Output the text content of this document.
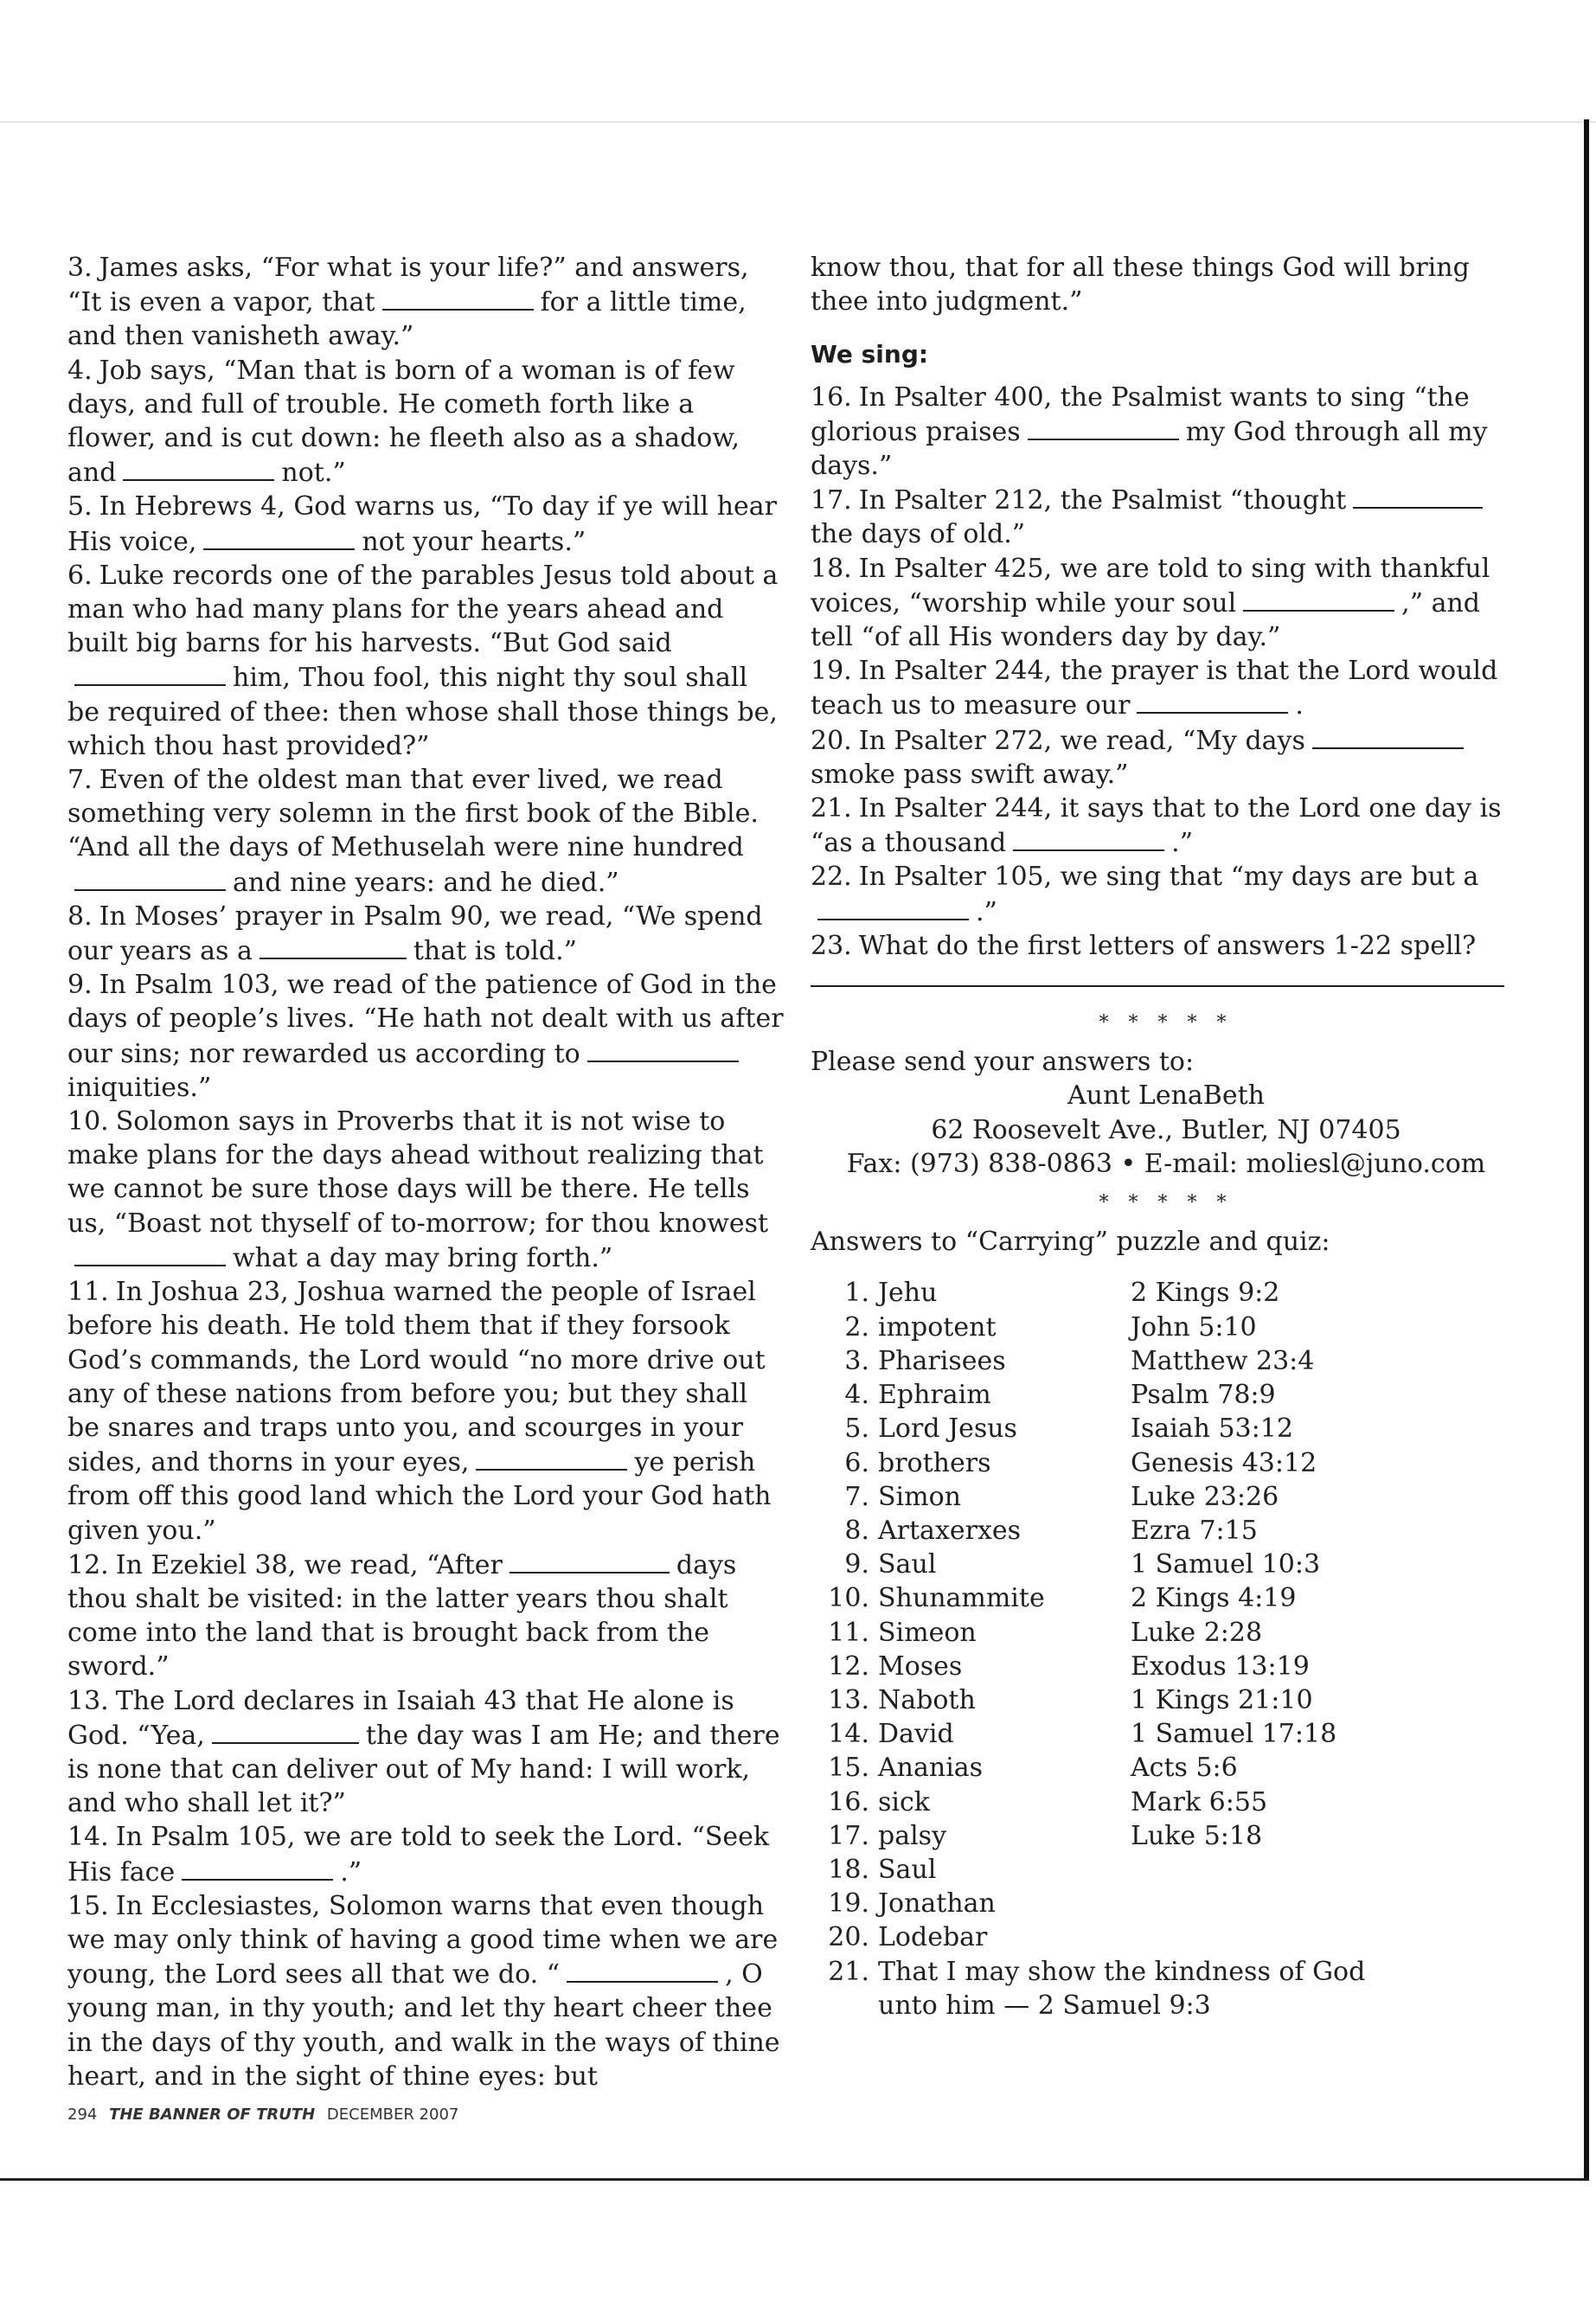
3. James asks, “For what is your life?” and answers, “It is even a vapor, that	for a little time, and then vanisheth away.”

4. Job says, “Man that is born of a woman is of few days, and full of trouble. He cometh forth like a flower, and is cut down: he fleeth also as a shadow, and	not.”

5. In Hebrews 4, God warns us, “To day if ye will hear His voice,	not your hearts.”

6. Luke records one of the parables Jesus told about a man who had many plans for the years ahead and built big barns for his harvests. “But God saidhim, Thou fool, this night thy soul shall be required of thee: then whose shall those things be, which thou hast provided?”

7. Even of the oldest man that ever lived, we read something very solemn in the first book of the Bible. “And all the days of Methuselah were nine hundredand nine years: and he died.”

8. In Moses’ prayer in Psalm 90, we read, “We spend our years as a	that is told.”

9. In Psalm 103, we read of the patience of God in the days of people’s lives. “He hath not dealt with us after our sins; nor rewarded us according toiniquities.”

10. Solomon says in Proverbs that it is not wise to make plans for the days ahead without realizing that we cannot be sure those days will be there. He tells us, “Boast not thyself of to-morrow; for thou knowestwhat a day may bring forth.”

11. In Joshua 23, Joshua warned the people of Israel before his death. He told them that if they forsook God’s commands, the Lord would “no more drive out any of these nations from before you; but they shall be snares and traps unto you, and scourges in your sides, and thorns in your eyes,	ye perish from off this good land which the Lord your God hath given you.”

12. In Ezekiel 38, we read, “After	days thou shalt be visited: in the latter years thou shalt come into the land that is brought back from the sword.”

13. The Lord declares in Isaiah 43 that He alone is God. “Yea,	the day was I am He; and there is none that can deliver out of My hand: I will work, and who shall let it?”

14. In Psalm 105, we are told to seek the Lord. “Seek His face	.”

15. In Ecclesiastes, Solomon warns that even though we may only think of having a good time when we are young, the Lord sees all that we do. “	, O young man, in thy youth; and let thy heart cheer thee in the days of thy youth, and walk in the ways of thine heart, and in the sight of thine eyes: but

know thou, that for all these things God will bring thee into judgment.”

We sing:

16. In Psalter 400, the Psalmist wants to sing “the glorious praises	my God through all my days.”

17. In Psalter 212, the Psalmist “thoughtthe days of old.”

18. In Psalter 425, we are told to sing with thankful voices, “worship while your soul	,” and tell “of all His wonders day by day.”

19. In Psalter 244, the prayer is that the Lord would teach us to measure our	.

20. In Psalter 272, we read, “My dayssmoke pass swift away.”

21. In Psalter 244, it says that to the Lord one day is “as a thousand	.”

22. In Psalter 105, we sing that “my days are but a.”

23. What do the first letters of answers 1-22 spell?

* * * * *
Please send your answers to:
Aunt LenaBeth
62 Roosevelt Ave., Butler, NJ 07405
Fax: (973) 838-0863 • E-mail: moliesl@juno.com
* * * * *
Answers to “Carrying” puzzle and quiz:
1. Jehu	2 Kings 9:2
2. impotent	John 5:10
3. Pharisees	Matthew 23:4
4. Ephraim	Psalm 78:9
5. Lord Jesus	Isaiah 53:12
6. brothers	Genesis 43:12
7. Simon	Luke 23:26
8. Artaxerxes	Ezra 7:15
9. Saul	1 Samuel 10:3
10. Shunammite	2 Kings 4:19
11. Simeon	Luke 2:28
12. Moses	Exodus 13:19
13. Naboth	1 Kings 21:10
14. David	1 Samuel 17:18
15. Ananias	Acts 5:6
16. sick	Mark 6:55
17. palsy	Luke 5:18
18. Saul
19. Jonathan
20. Lodebar
21. That I may show the kindness of God
unto him — 2 Samuel 9:3
294 THE BANNER OF TRUTH DECEMBER 2007
